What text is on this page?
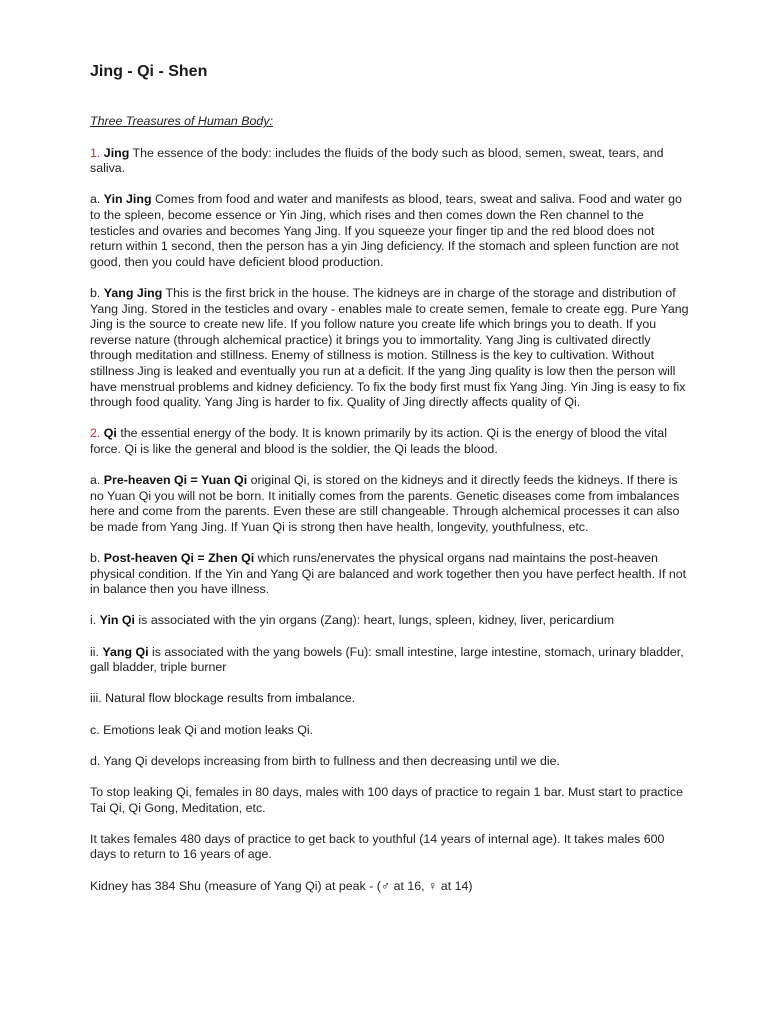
Jing - Qi - Shen
Three Treasures of Human Body:

1. Jing The essence of the body: includes the fluids of the body such as blood, semen, sweat, tears, and saliva.

a. Yin Jing Comes from food and water and manifests as blood, tears, sweat and saliva. Food and water go to the spleen, become essence or Yin Jing, which rises and then comes down the Ren channel to the testicles and ovaries and becomes Yang Jing. If you squeeze your finger tip and the red blood does not return within 1 second, then the person has a yin Jing deficiency. If the stomach and spleen function are not good, then you could have deficient blood production.

b. Yang Jing This is the first brick in the house. The kidneys are in charge of the storage and distribution of Yang Jing. Stored in the testicles and ovary - enables male to create semen, female to create egg. Pure Yang Jing is the source to create new life. If you follow nature you create life which brings you to death. If you reverse nature (through alchemical practice) it brings you to immortality. Yang Jing is cultivated directly through meditation and stillness. Enemy of stillness is motion. Stillness is the key to cultivation. Without stillness Jing is leaked and eventually you run at a deficit. If the yang Jing quality is low then the person will have menstrual problems and kidney deficiency. To fix the body first must fix Yang Jing. Yin Jing is easy to fix through food quality. Yang Jing is harder to fix. Quality of Jing directly affects quality of Qi.

2. Qi the essential energy of the body. It is known primarily by its action. Qi is the energy of blood the vital force. Qi is like the general and blood is the soldier, the Qi leads the blood.

a. Pre-heaven Qi = Yuan Qi original Qi, is stored on the kidneys and it directly feeds the kidneys. If there is no Yuan Qi you will not be born. It initially comes from the parents. Genetic diseases come from imbalances here and come from the parents. Even these are still changeable. Through alchemical processes it can also be made from Yang Jing. If Yuan Qi is strong then have health, longevity, youthfulness, etc.

b. Post-heaven Qi = Zhen Qi which runs/enervates the physical organs nad maintains the post-heaven physical condition. If the Yin and Yang Qi are balanced and work together then you have perfect health. If not in balance then you have illness.

i. Yin Qi is associated with the yin organs (Zang): heart, lungs, spleen, kidney, liver, pericardium

ii. Yang Qi is associated with the yang bowels (Fu): small intestine, large intestine, stomach, urinary bladder, gall bladder, triple burner

iii. Natural flow blockage results from imbalance.

c. Emotions leak Qi and motion leaks Qi.

d. Yang Qi develops increasing from birth to fullness and then decreasing until we die.

To stop leaking Qi, females in 80 days, males with 100 days of practice to regain 1 bar. Must start to practice Tai Qi, Qi Gong, Meditation, etc.

It takes females 480 days of practice to get back to youthful (14 years of internal age). It takes males 600 days to return to 16 years of age.

Kidney has 384 Shu (measure of Yang Qi) at peak - (♂ at 16, ♀ at 14)
